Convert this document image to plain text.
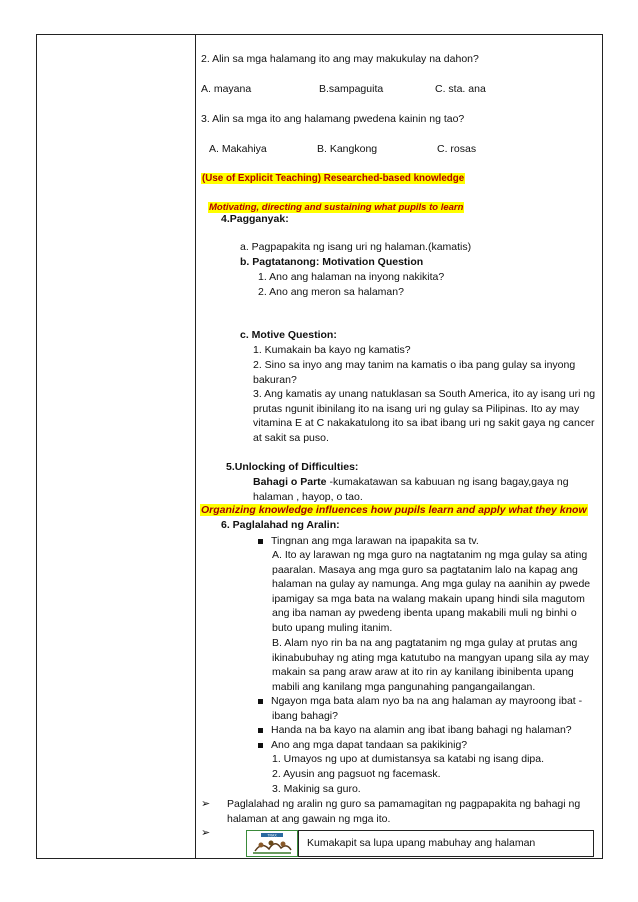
2. Alin sa mga halamang ito ang may makukulay na dahon?
A. mayana	B.sampaguita	C. sta. ana
3. Alin sa mga ito ang halamang pwedena kainin ng tao?
A. Makahiya	B. Kangkong	C. rosas
(Use of Explicit Teaching) Researched-based knowledge
Motivating, directing and sustaining what pupils to learn
4.Pagganyak:
a. Pagpapakita ng isang uri ng halaman.(kamatis)
b. Pagtatanong: Motivation Question
1. Ano ang halaman na inyong nakikita?
2. Ano ang meron sa halaman?
c. Motive Question:
1. Kumakain ba kayo ng kamatis?
2. Sino sa inyo ang may tanim na kamatis o iba pang gulay sa inyong bakuran?
3. Ang kamatis ay unang natuklasan sa South America, ito ay isang uri ng prutas ngunit ibinilang ito na isang uri ng gulay sa Pilipinas. Ito ay may vitamina E at C nakakatulong ito sa ibat ibang uri ng sakit gaya ng cancer at sakit sa puso.
5.Unlocking of Difficulties:
Bahagi o Parte -kumakatawan sa kabuuan ng isang bagay,gaya ng halaman , hayop, o tao.
Organizing knowledge influences how pupils learn and apply what they know
6. Paglalahad ng Aralin:
Tingnan ang mga larawan na ipapakita sa tv.
A. Ito ay larawan ng mga guro na nagtatanim ng mga gulay sa ating paaralan. Masaya ang mga guro sa pagtatanim lalo na kapag ang halaman na gulay ay namunga. Ang mga gulay na aanihin ay pwede ipamigay sa mga bata na walang makain upang hindi sila magutom ang iba naman ay pwedeng ibenta upang makabili muli ng binhi o buto upang muling itanim.
B. Alam nyo rin ba na ang pagtatanim ng mga gulay at prutas ang ikinabubuhay ng ating mga katutubo na mangyan upang sila ay may makain sa pang araw araw at ito rin ay kanilang ibinibenta upang mabili ang kanilang mga pangunahing pangangailangan.
Ngayon mga bata alam nyo ba na ang halaman ay mayroong ibat - ibang bahagi?
Handa na ba kayo na alamin ang ibat ibang bahagi ng halaman?
Ano ang mga dapat tandaan sa pakikinig?
1. Umayos ng upo at dumistansya sa katabi ng isang dipa.
2. Ayusin ang pagsuot ng facemask.
3. Makinig sa guro.
➢ Paglalahad ng aralin ng guro sa pamamagitan ng pagpapakita ng bahagi ng halaman at ang gawain ng mga ito.
➢	TRAX
Kumakapit sa lupa upang mabuhay ang halaman
